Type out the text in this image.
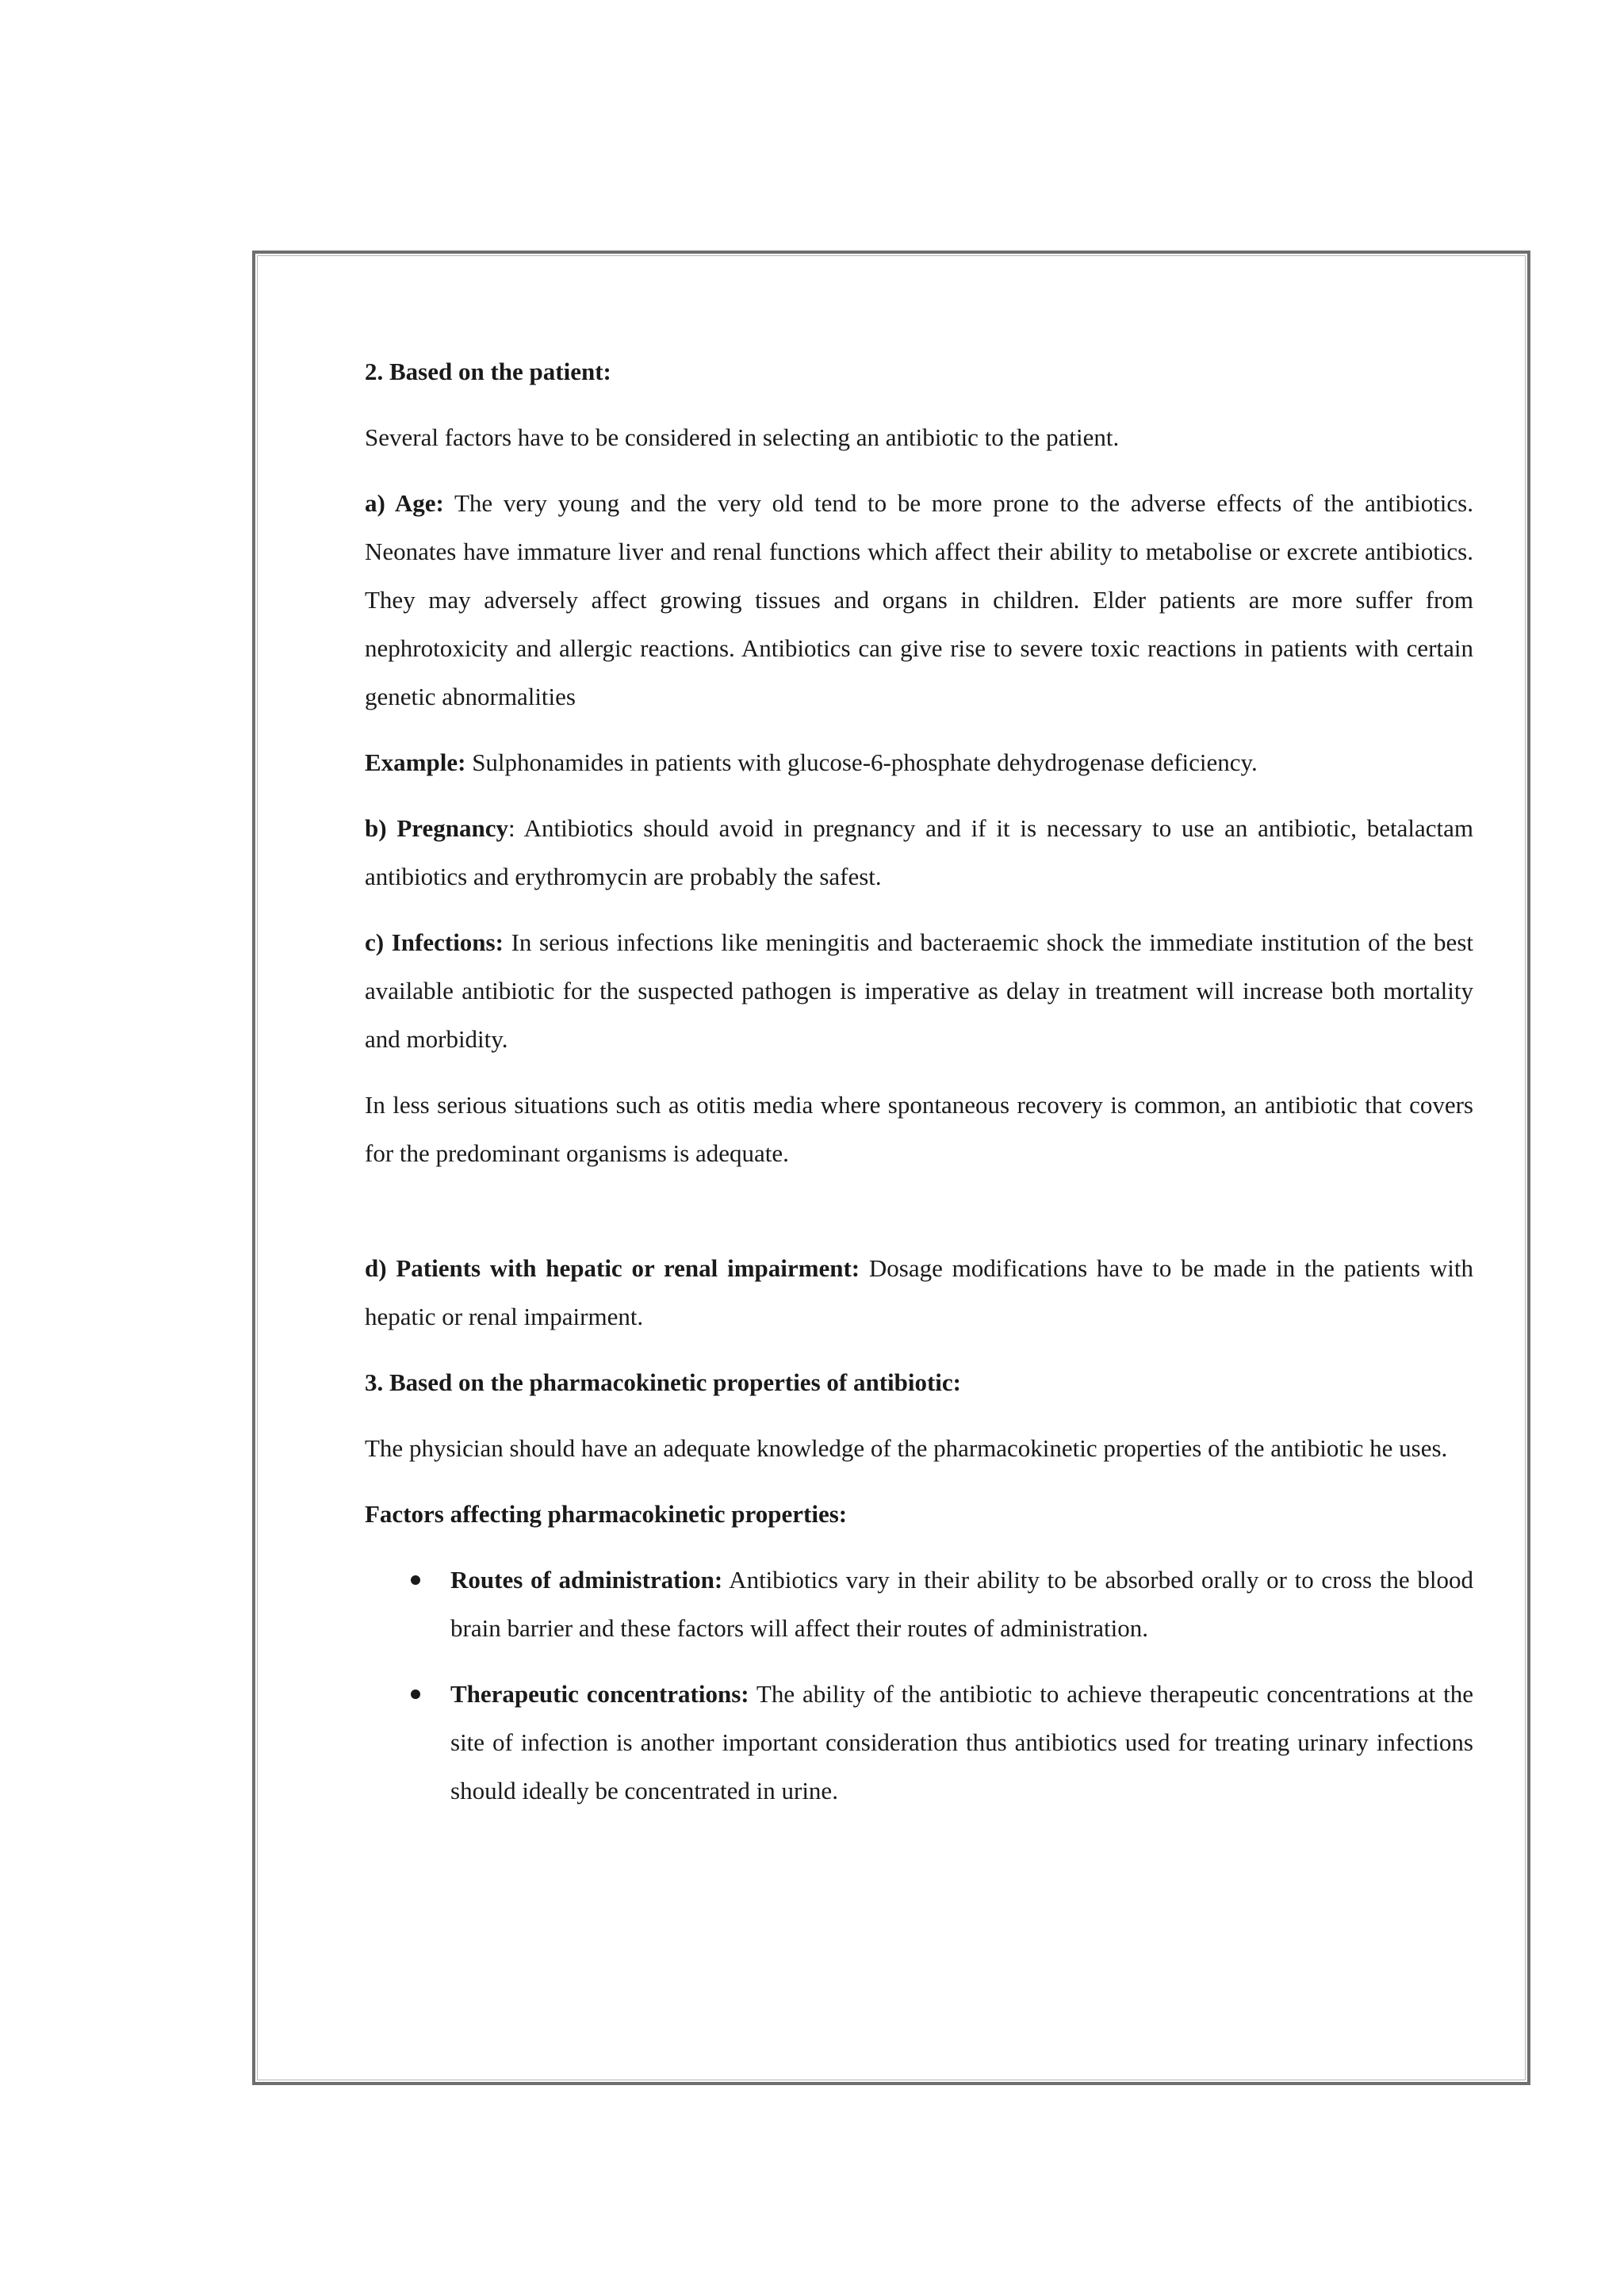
2. Based on the patient:

Several factors have to be considered in selecting an antibiotic to the patient.

a) Age: The very young and the very old tend to be more prone to the adverse effects of the antibiotics. Neonates have immature liver and renal functions which affect their ability to metabolise or excrete antibiotics. They may adversely affect growing tissues and organs in children. Elder patients are more suffer from nephrotoxicity and allergic reactions. Antibiotics can give rise to severe toxic reactions in patients with certain genetic abnormalities

Example: Sulphonamides in patients with glucose-6-phosphate dehydrogenase deficiency.

b) Pregnancy: Antibiotics should avoid in pregnancy and if it is necessary to use an antibiotic, betalactam antibiotics and erythromycin are probably the safest.

c) Infections: In serious infections like meningitis and bacteraemic shock the immediate institution of the best available antibiotic for the suspected pathogen is imperative as delay in treatment will increase both mortality and morbidity.

In less serious situations such as otitis media where spontaneous recovery is common, an antibiotic that covers for the predominant organisms is adequate.

d) Patients with hepatic or renal impairment: Dosage modifications have to be made in the patients with hepatic or renal impairment.

3. Based on the pharmacokinetic properties of antibiotic:

The physician should have an adequate knowledge of the pharmacokinetic properties of the antibiotic he uses.

Factors affecting pharmacokinetic properties:

Routes of administration: Antibiotics vary in their ability to be absorbed orally or to cross the blood brain barrier and these factors will affect their routes of administration.
Therapeutic concentrations: The ability of the antibiotic to achieve therapeutic concentrations at the site of infection is another important consideration thus antibiotics used for treating urinary infections should ideally be concentrated in urine.
